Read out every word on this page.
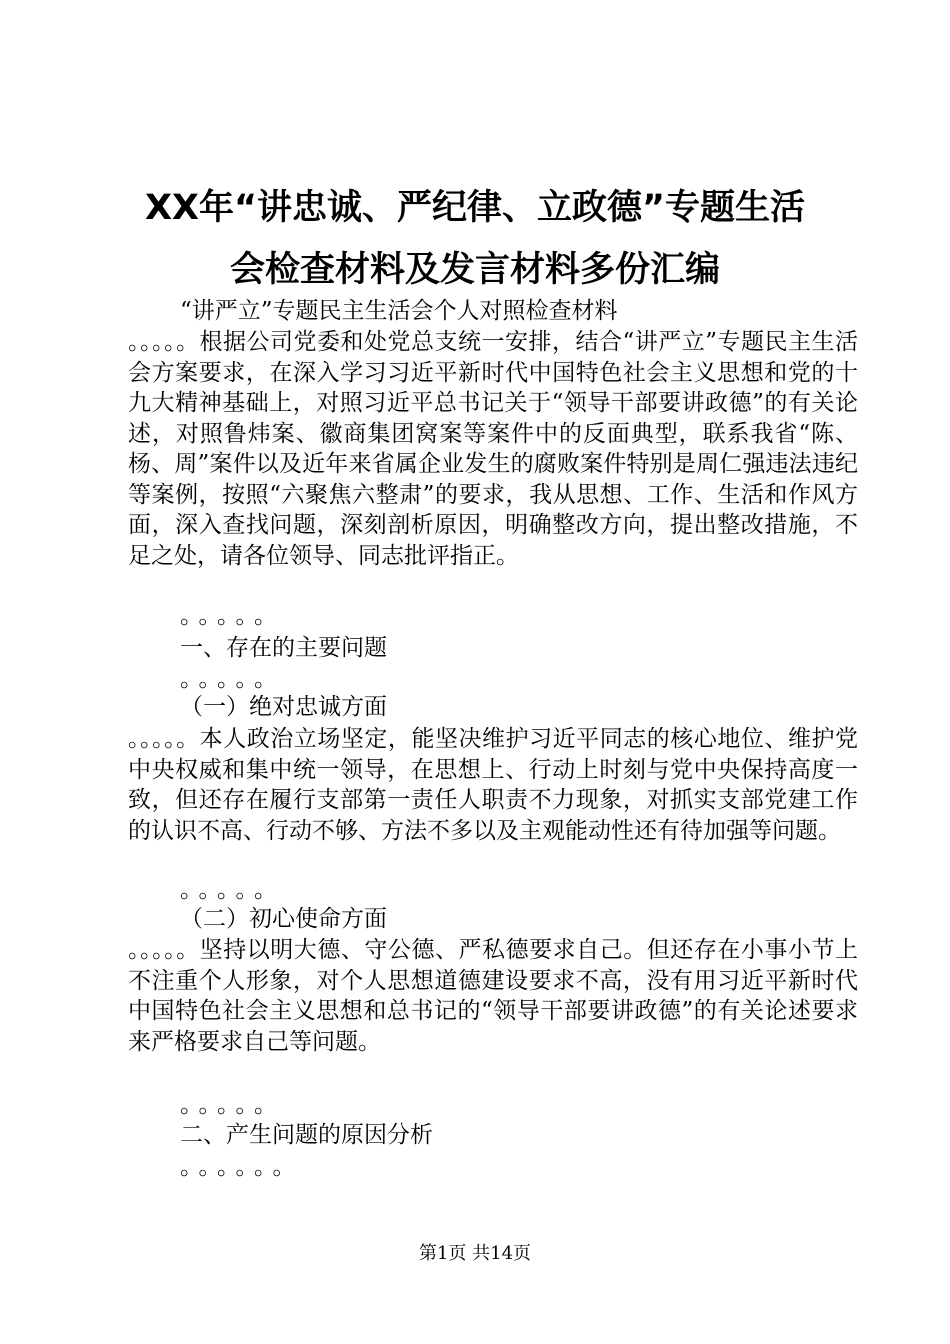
XX年“讲忠诚、严纪律、立政德”专题生活
会检查材料及发言材料多份汇编
“讲严立”专题民主生活会个人对照检查材料
。。。。。根据公司党委和处党总支统一安排，结合“讲严立”专题民主生活会方案要求，在深入学习习近平新时代中国特色社会主义思想和党的十九大精神基础上，对照习近平总书记关于“领导干部要讲政德”的有关论述，对照鲁炜案、徽商集团窝案等案件中的反面典型，联系我省“陈、杨、周”案件以及近年来省属企业发生的腐败案件特别是周仁强违法违纪等案例，按照“六聚焦六整肃”的要求，我从思想、工作、生活和作风方面，深入查找问题，深刻剖析原因，明确整改方向，提出整改措施，不足之处，请各位领导、同志批评指正。
。。。。。
一、存在的主要问题
。。。。。
（一）绝对忠诚方面
。。。。。本人政治立场坚定，能坚决维护习近平同志的核心地位、维护党中央权威和集中统一领导，在思想上、行动上时刻与党中央保持高度一致，但还存在履行支部第一责任人职责不力现象，对抓实支部党建工作的认识不高、行动不够、方法不多以及主观能动性还有待加强等问题。
。。。。。
（二）初心使命方面
。。。。。坚持以明大德、守公德、严私德要求自己。但还存在小事小节上不注重个人形象，对个人思想道德建设要求不高，没有用习近平新时代中国特色社会主义思想和总书记的“领导干部要讲政德”的有关论述要求来严格要求自己等问题。
。。。。。
二、产生问题的原因分析
。。。。。。
第1页 共14页
